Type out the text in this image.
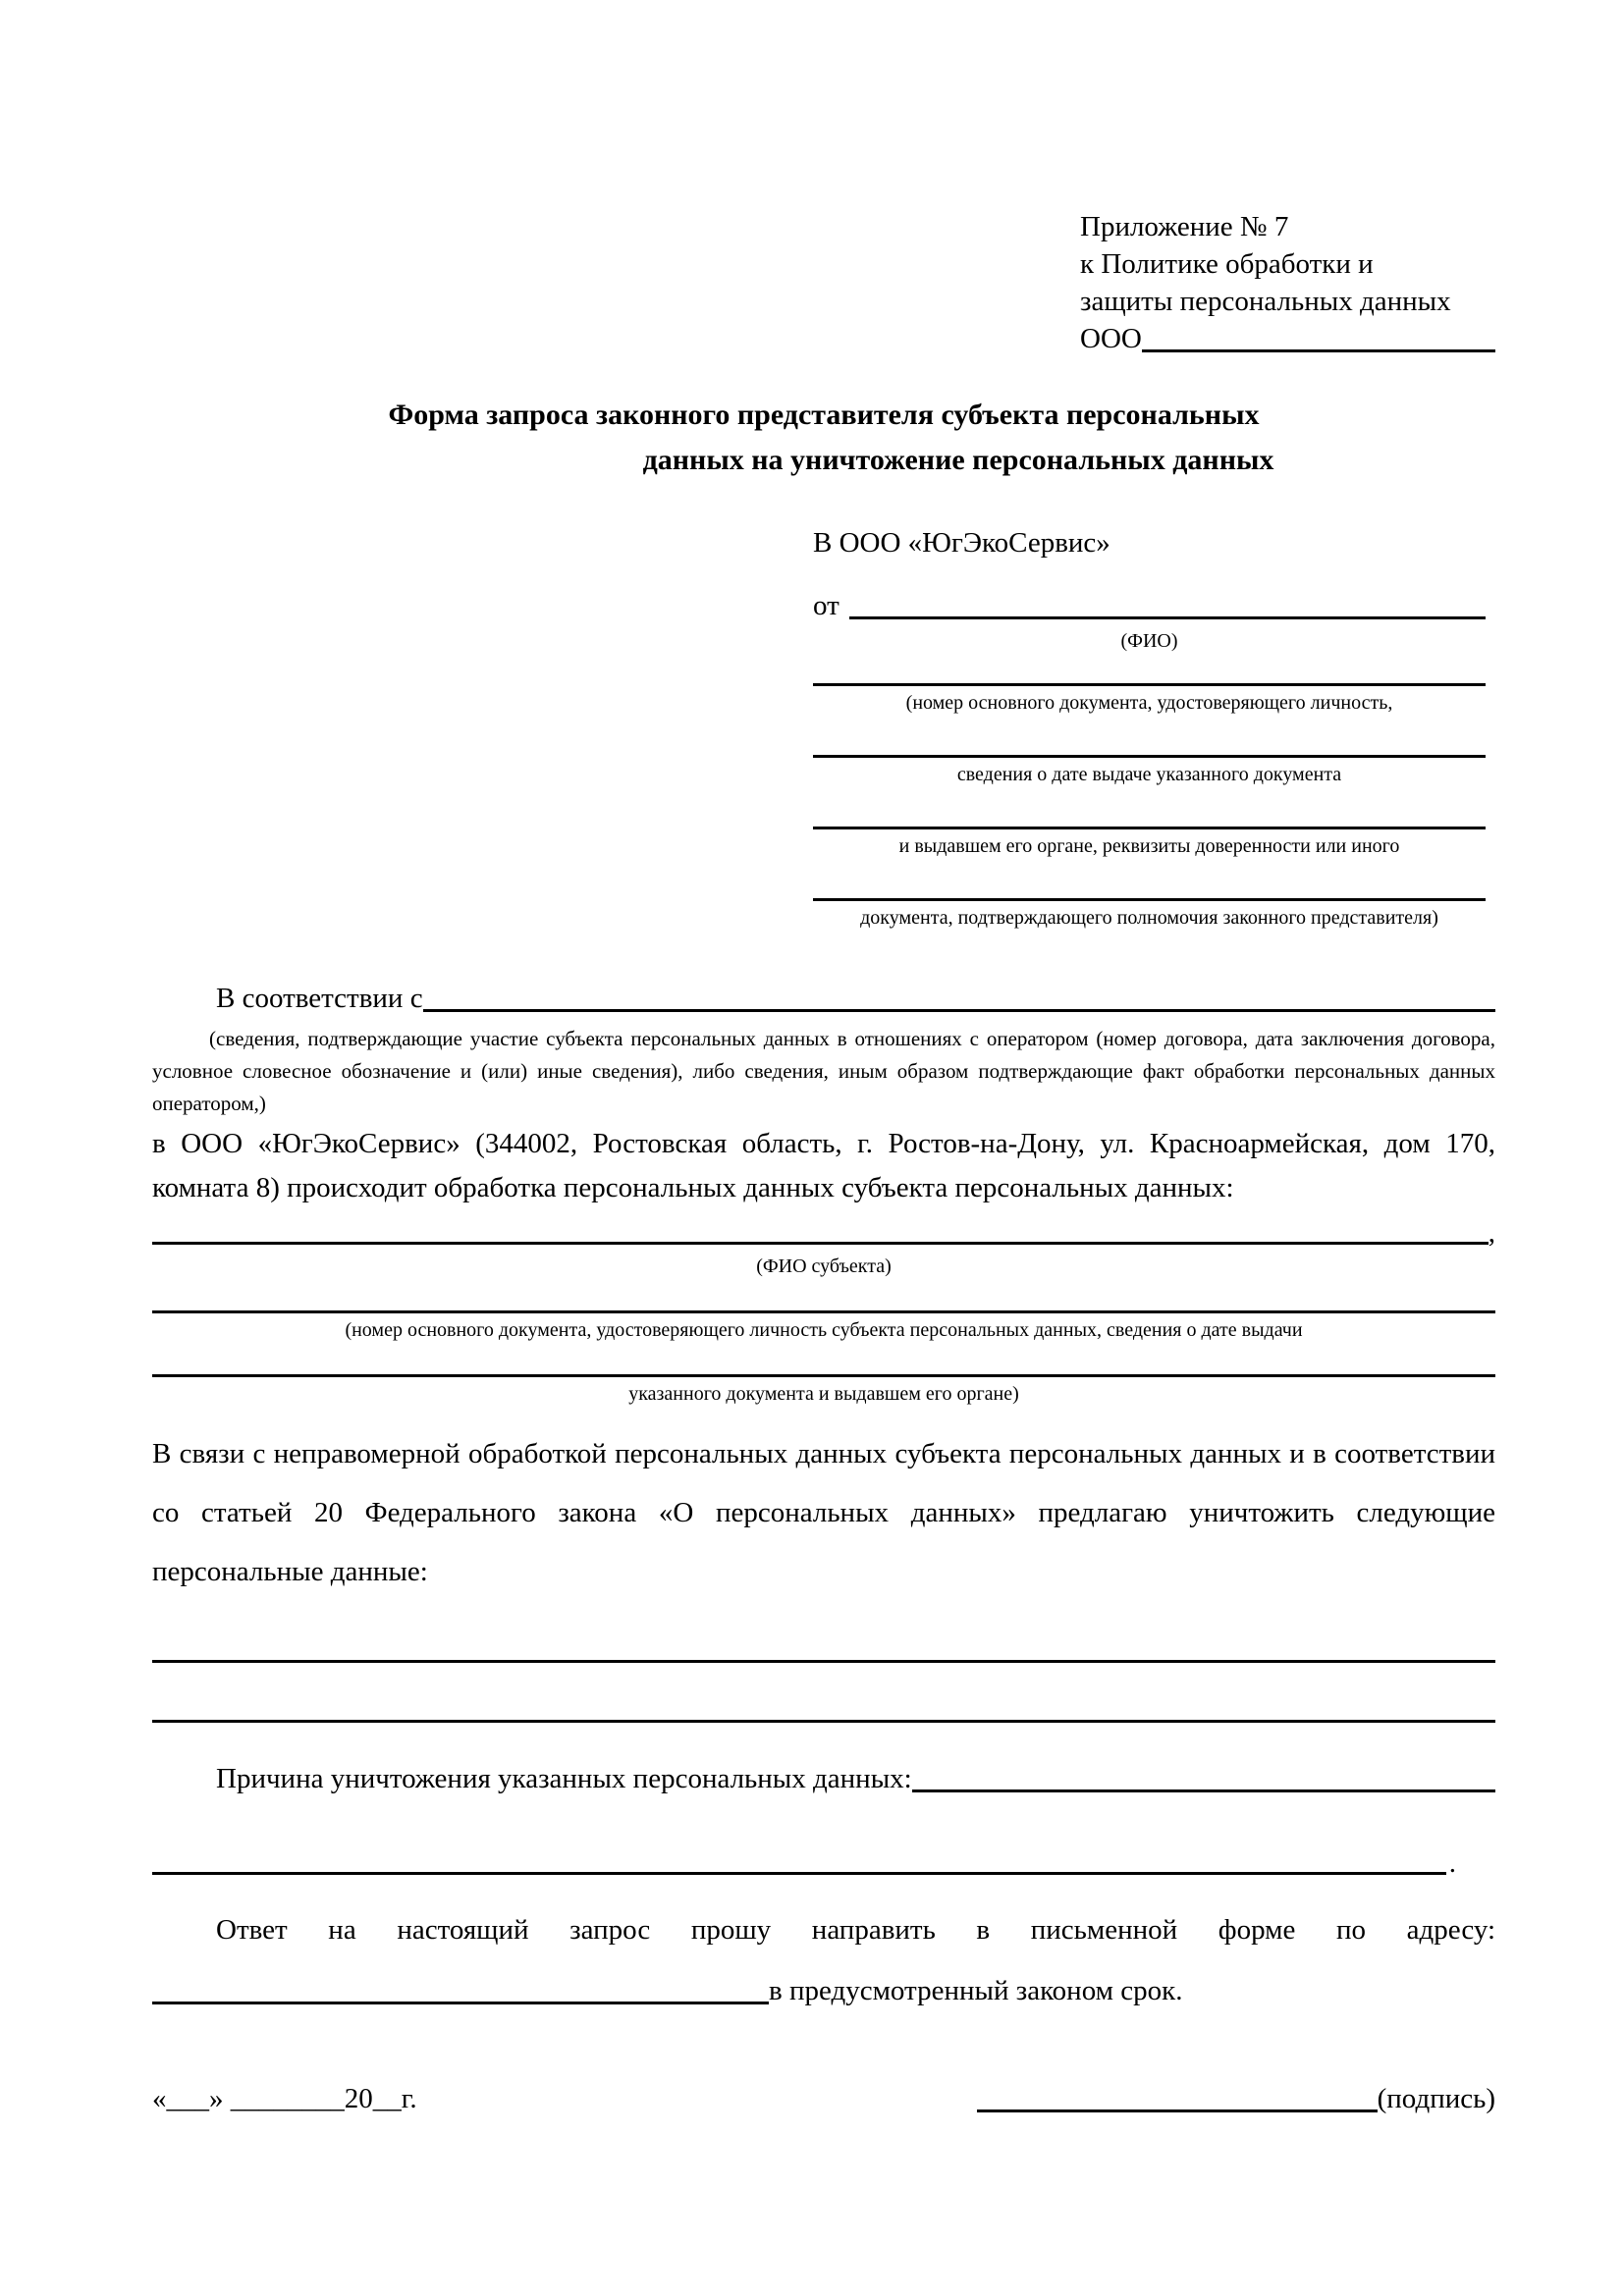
Приложение № 7
к Политике обработки и
защиты персональных данных
ООО
Форма запроса законного представителя субъекта персональных
данных на уничтожение персональных данных
В ООО «ЮгЭкоСервис»
от
(ФИО)
(номер основного документа, удостоверяющего личность,
сведения о дате выдаче указанного документа
и выдавшем его органе, реквизиты доверенности или иного
документа, подтверждающего полномочия законного представителя)
В соответствии с
(сведения, подтверждающие участие субъекта персональных данных в отношениях с оператором (номер договора, дата заключения договора, условное словесное обозначение и (или) иные сведения), либо сведения, иным образом подтверждающие факт обработки персональных данных оператором,)
в ООО «ЮгЭкоСервис» (344002, Ростовская область, г. Ростов-на-Дону, ул. Красноармейская, дом 170, комната 8) происходит обработка персональных данных субъекта персональных данных:
,
(ФИО субъекта)
(номер основного документа, удостоверяющего личность субъекта персональных данных, сведения о дате выдачи
указанного документа и выдавшем его органе)
В связи с неправомерной обработкой персональных данных субъекта персональных данных и в соответствии со статьей 20 Федерального закона «О персональных данных» предлагаю уничтожить следующие персональные данные:
Причина уничтожения указанных персональных данных:
.
Ответ на настоящий запрос прошу направить в письменной форме по адресу:
в предусмотренный законом срок.
«___» ________20__г.	(подпись)
